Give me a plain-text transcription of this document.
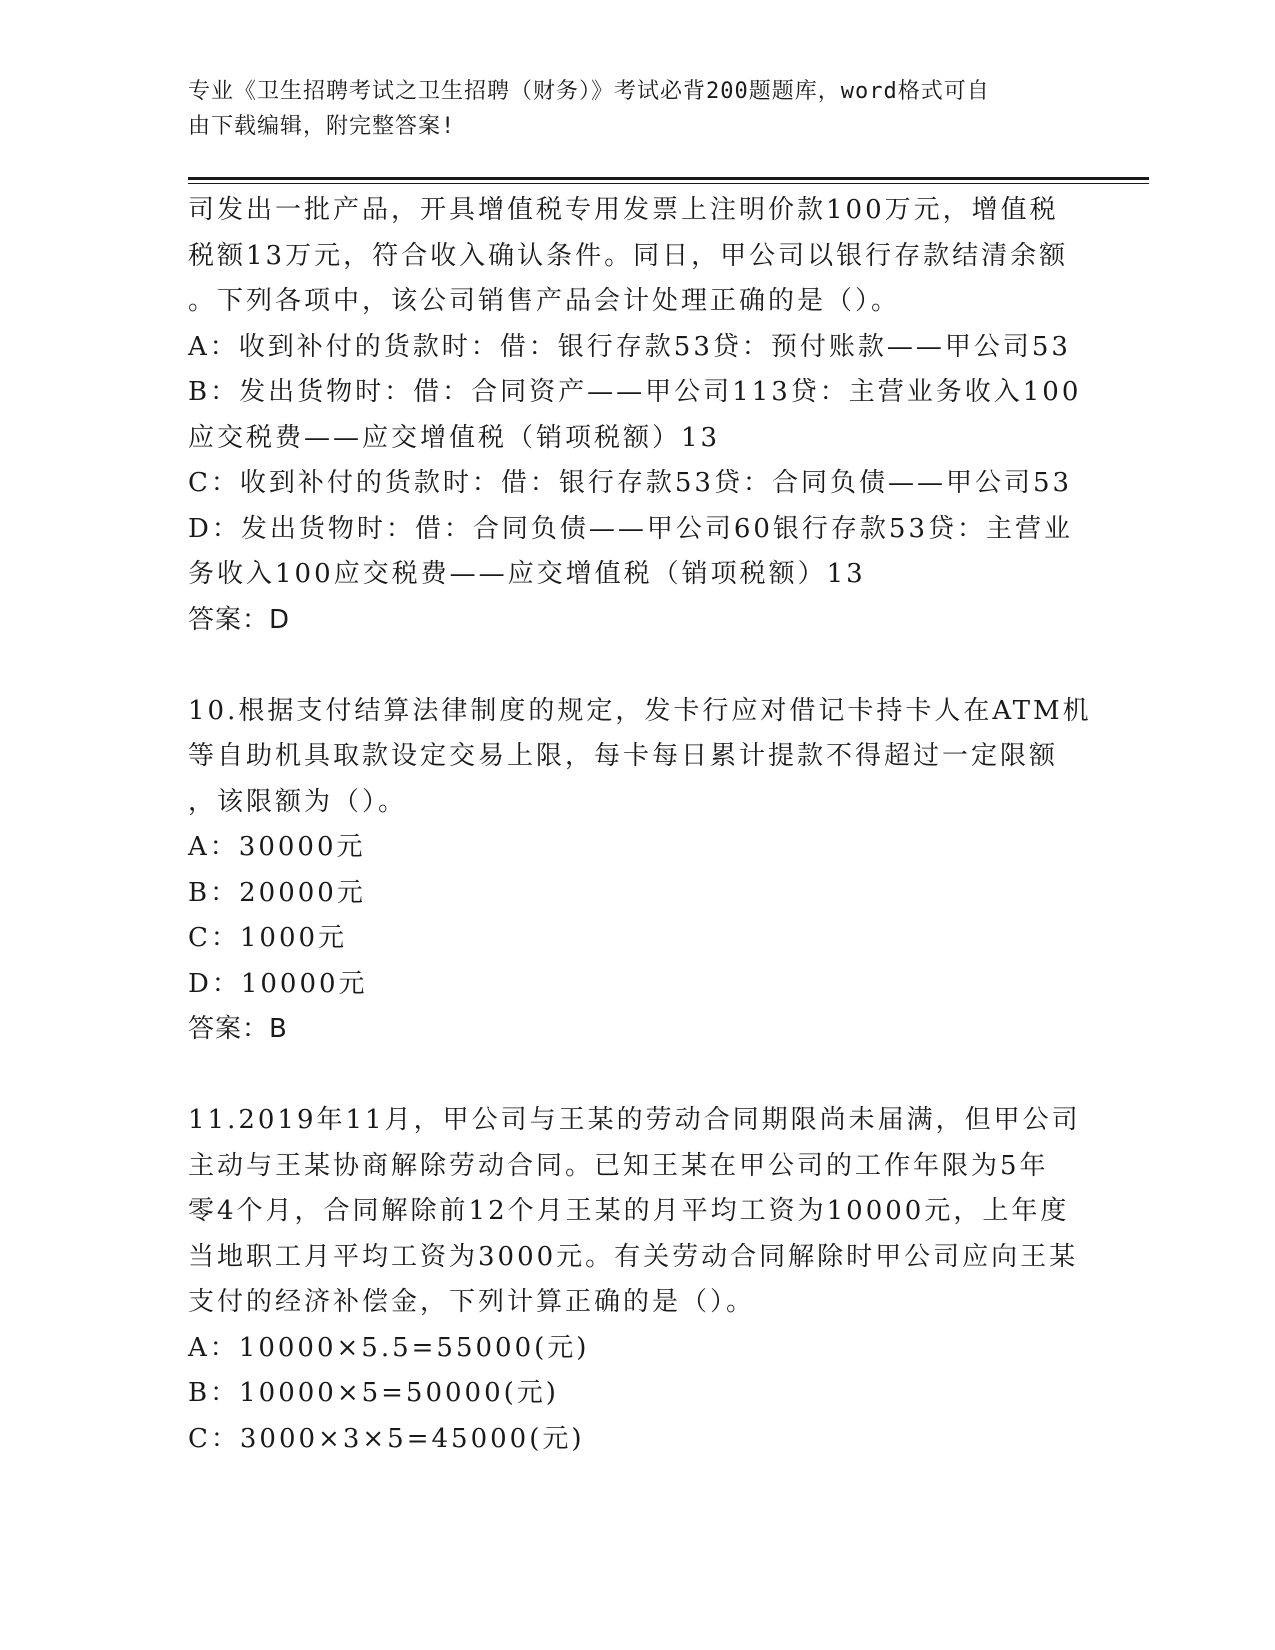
专业《卫生招聘考试之卫生招聘（财务）》考试必背200题题库，word格式可自
由下载编辑，附完整答案!
司发出一批产品，开具增值税专用发票上注明价款100万元，增值税
税额13万元，符合收入确认条件。同日，甲公司以银行存款结清余额
。下列各项中，该公司销售产品会计处理正确的是（）。
A：收到补付的货款时：借：银行存款53贷：预付账款——甲公司53
B：发出货物时：借：合同资产——甲公司113贷：主营业务收入100
应交税费——应交增值税（销项税额）13
C：收到补付的货款时：借：银行存款53贷：合同负债——甲公司53
D：发出货物时：借：合同负债——甲公司60银行存款53贷：主营业
务收入100应交税费——应交增值税（销项税额）13
答案：D
10.根据支付结算法律制度的规定，发卡行应对借记卡持卡人在ATM机
等自助机具取款设定交易上限，每卡每日累计提款不得超过一定限额
，该限额为（）。
A：30000元
B：20000元
C：1000元
D：10000元
答案：B
11.2019年11月，甲公司与王某的劳动合同期限尚未届满，但甲公司
主动与王某协商解除劳动合同。已知王某在甲公司的工作年限为5年
零4个月，合同解除前12个月王某的月平均工资为10000元，上年度
当地职工月平均工资为3000元。有关劳动合同解除时甲公司应向王某
支付的经济补偿金，下列计算正确的是（）。
A：10000×5.5=55000(元)
B：10000×5=50000(元)
C：3000×3×5=45000(元)
